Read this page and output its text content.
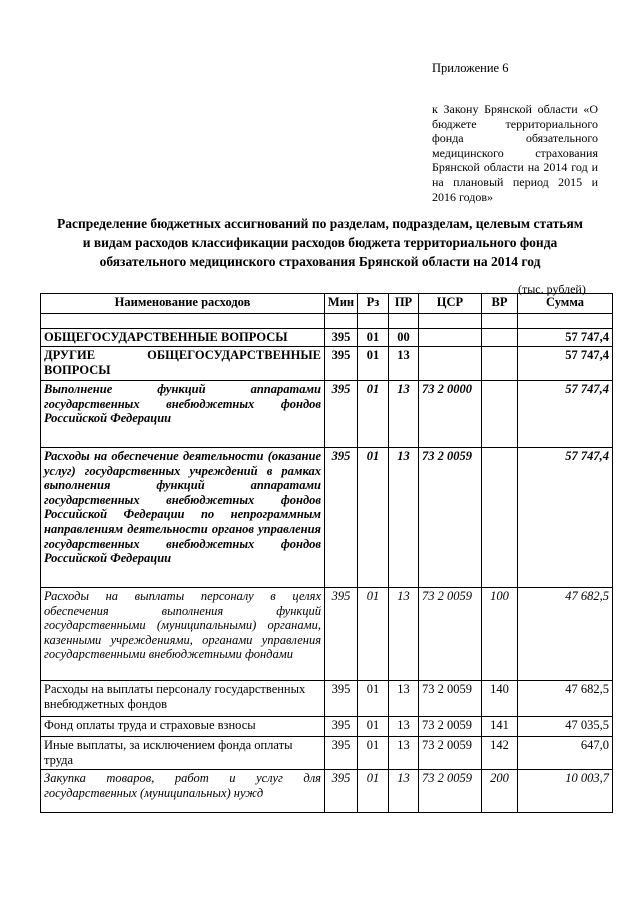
Приложение 6
к Закону Брянской области «О бюджете территориального фонда обязательного медицинского страхования Брянской области на 2014 год и на плановый период 2015 и 2016 годов»
Распределение бюджетных ассигнований по разделам, подразделам, целевым статьям
и видам расходов классификации расходов бюджета территориального фонда
обязательного медицинского страхования Брянской области на 2014 год
(тыс. рублей)
Наименование расходов	Мин	Рз	ПР	ЦСР	ВР	Сумма

ОБЩЕГОСУДАРСТВЕННЫЕ ВОПРОСЫ	395	01	00			57 747,4
ДРУГИЕ ОБЩЕГОСУДАРСТВЕННЫЕ ВОПРОСЫ	395	01	13			57 747,4
Выполнение функций аппаратами государственных внебюджетных фондов Российской Федерации	395	01	13	73 2 0000		57 747,4
Расходы на обеспечение деятельности (оказание услуг) государственных учреждений в рамках выполнения функций аппаратами государственных внебюджетных фондов Российской Федерации по непрограммным направлениям деятельности органов управления государственных внебюджетных фондов Российской Федерации	395	01	13	73 2 0059		57 747,4
Расходы на выплаты персоналу в целях обеспечения выполнения функций государственными (муниципальными) органами, казенными учреждениями, органами управления государственными внебюджетными фондами	395	01	13	73 2 0059	100	47 682,5
Расходы на выплаты персоналу государственных внебюджетных фондов	395	01	13	73 2 0059	140	47 682,5
Фонд оплаты труда и страховые взносы	395	01	13	73 2 0059	141	47 035,5
Иные выплаты, за исключением фонда оплаты труда	395	01	13	73 2 0059	142	647,0
Закупка товаров, работ и услуг для государственных (муниципальных) нужд	395	01	13	73 2 0059	200	10 003,7
